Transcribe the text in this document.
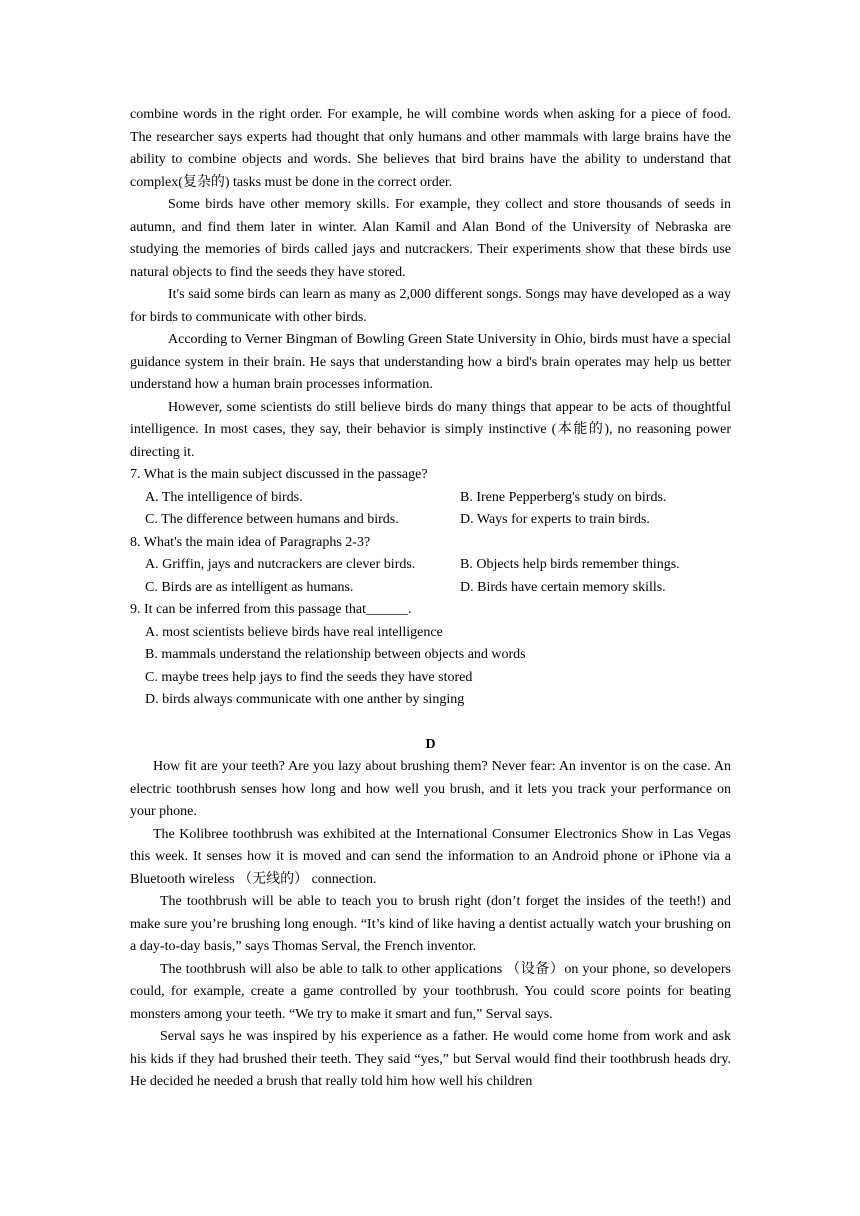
combine words in the right order. For example, he will combine words when asking for a piece of food. The researcher says experts had thought that only humans and other mammals with large brains have the ability to combine objects and words. She believes that bird brains have the ability to understand that complex(复杂的) tasks must be done in the correct order.

Some birds have other memory skills. For example, they collect and store thousands of seeds in autumn, and find them later in winter. Alan Kamil and Alan Bond of the University of Nebraska are studying the memories of birds called jays and nutcrackers. Their experiments show that these birds use natural objects to find the seeds they have stored.

It's said some birds can learn as many as 2,000 different songs. Songs may have developed as a way for birds to communicate with other birds.

According to Verner Bingman of Bowling Green State University in Ohio, birds must have a special guidance system in their brain. He says that understanding how a bird's brain operates may help us better understand how a human brain processes information.

However, some scientists do still believe birds do many things that appear to be acts of thoughtful intelligence. In most cases, they say, their behavior is simply instinctive (本能的), no reasoning power directing it.

7. What is the main subject discussed in the passage?

A. The intelligence of birds.	B. Irene Pepperberg's study on birds.
C. The difference between humans and birds.	D. Ways for experts to train birds.

8. What's the main idea of Paragraphs 2-3?

A. Griffin, jays and nutcrackers are clever birds.	B. Objects help birds remember things.
C. Birds are as intelligent as humans.	D. Birds have certain memory skills.

9. It can be inferred from this passage that______.

A. most scientists believe birds have real intelligence
B. mammals understand the relationship between objects and words
C. maybe trees help jays to find the seeds they have stored
D. birds always communicate with one anther by singing
D

How fit are your teeth? Are you lazy about brushing them? Never fear: An inventor is on the case. An electric toothbrush senses how long and how well you brush, and it lets you track your performance on your phone.

The Kolibree toothbrush was exhibited at the International Consumer Electronics Show in Las Vegas this week. It senses how it is moved and can send the information to an Android phone or iPhone via a Bluetooth wireless （无线的） connection.

The toothbrush will be able to teach you to brush right (don’t forget the insides of the teeth!) and make sure you’re brushing long enough. “It’s kind of like having a dentist actually watch your brushing on a day-to-day basis,” says Thomas Serval, the French inventor.

The toothbrush will also be able to talk to other applications （设备）on your phone, so developers could, for example, create a game controlled by your toothbrush. You could score points for beating monsters among your teeth. “We try to make it smart and fun,” Serval says.

Serval says he was inspired by his experience as a father. He would come home from work and ask his kids if they had brushed their teeth. They said “yes,” but Serval would find their toothbrush heads dry. He decided he needed a brush that really told him how well his children
